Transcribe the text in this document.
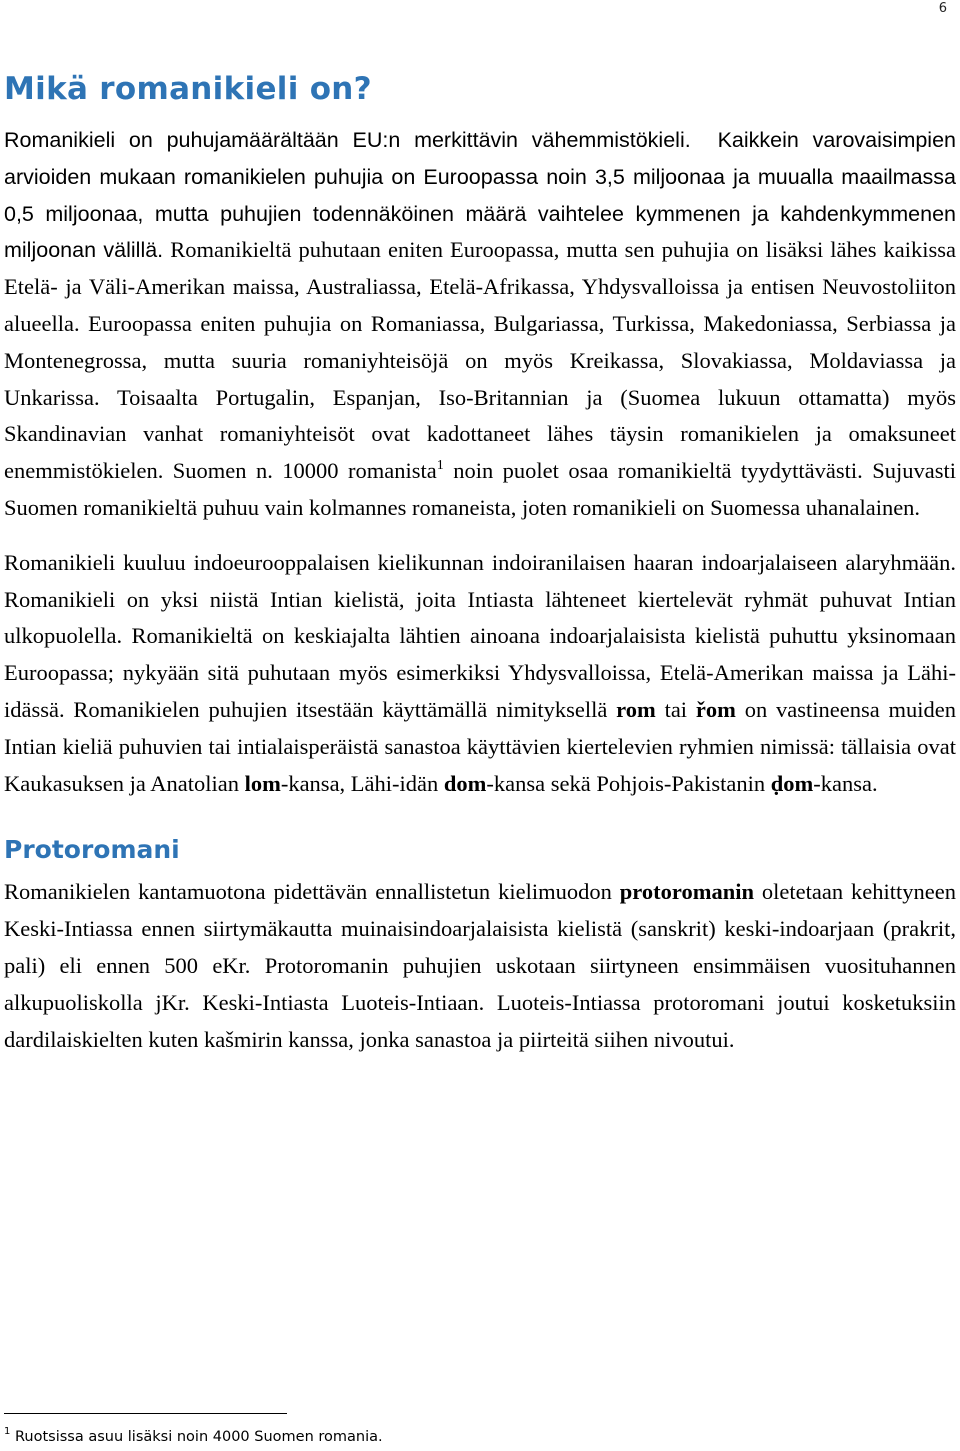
6
Mikä romanikieli on?

Romanikieli on puhujamäärältään EU:n merkittävin vähemmistökieli. Kaikkein varovaisimpien arvioiden mukaan romanikielen puhujia on Euroopassa noin 3,5 miljoonaa ja muualla maailmassa 0,5 miljoonaa, mutta puhujien todennäköinen määrä vaihtelee kymmenen ja kahdenkymmenen miljoonan välillä. Romanikieltä puhutaan eniten Euroopassa, mutta sen puhujia on lisäksi lähes kaikissa Etelä- ja Väli-Amerikan maissa, Australiassa, Etelä-Afrikassa, Yhdysvalloissa ja entisen Neuvostoliiton alueella. Euroopassa eniten puhujia on Romaniassa, Bulgariassa, Turkissa, Makedoniassa, Serbiassa ja Montenegrossa, mutta suuria romaniyhteisöjä on myös Kreikassa, Slovakiassa, Moldaviassa ja Unkarissa. Toisaalta Portugalin, Espanjan, Iso-Britannian ja (Suomea lukuun ottamatta) myös Skandinavian vanhat romaniyhteisöt ovat kadottaneet lähes täysin romanikielen ja omaksuneet enemmistökielen. Suomen n. 10000 romanista$^1$ noin puolet osaa romanikieltä tyydyttävästi. Sujuvasti Suomen romanikieltä puhuu vain kolmannes romaneista, joten romanikieli on Suomessa uhanalainen.

Romanikieli kuuluu indoeurooppalaisen kielikunnan indoiranilaisen haaran indoarjalaiseen alaryhmään. Romanikieli on yksi niistä Intian kielistä, joita Intiasta lähteneet kiertelevät ryhmät puhuvat Intian ulkopuolella. Romanikieltä on keskiajalta lähtien ainoana indoarjalaisista kielistä puhuttu yksinomaan Euroopassa; nykyään sitä puhutaan myös esimerkiksi Yhdysvalloissa, Etelä-Amerikan maissa ja Lähi-idässä. Romanikielen puhujien itsestään käyttämällä nimityksellä rom tai řom on vastineensa muiden Intian kieliä puhuvien tai intialaisperäistä sanastoa käyttävien kiertelevien ryhmien nimissä: tällaisia ovat Kaukasuksen ja Anatolian lom-kansa, Lähi-idän dom-kansa sekä Pohjois-Pakistanin ḍom-kansa.

Protoromani

Romanikielen kantamuotona pidettävän ennallistetun kielimuodon protoromanin oletetaan kehittyneen Keski-Intiassa ennen siirtymäkautta muinaisindoarjalaisista kielistä (sanskrit) keski-indoarjaan (prakrit, pali) eli ennen 500 eKr. Protoromanin puhujien uskotaan siirtyneen ensimmäisen vuosituhannen alkupuoliskolla jKr. Keski-Intiasta Luoteis-Intiaan. Luoteis-Intiassa protoromani joutui kosketuksiin dardilaiskielten kuten kašmirin kanssa, jonka sanastoa ja piirteitä siihen nivoutui.

$^1$ Ruotsissa asuu lisäksi noin 4000 Suomen romania.
